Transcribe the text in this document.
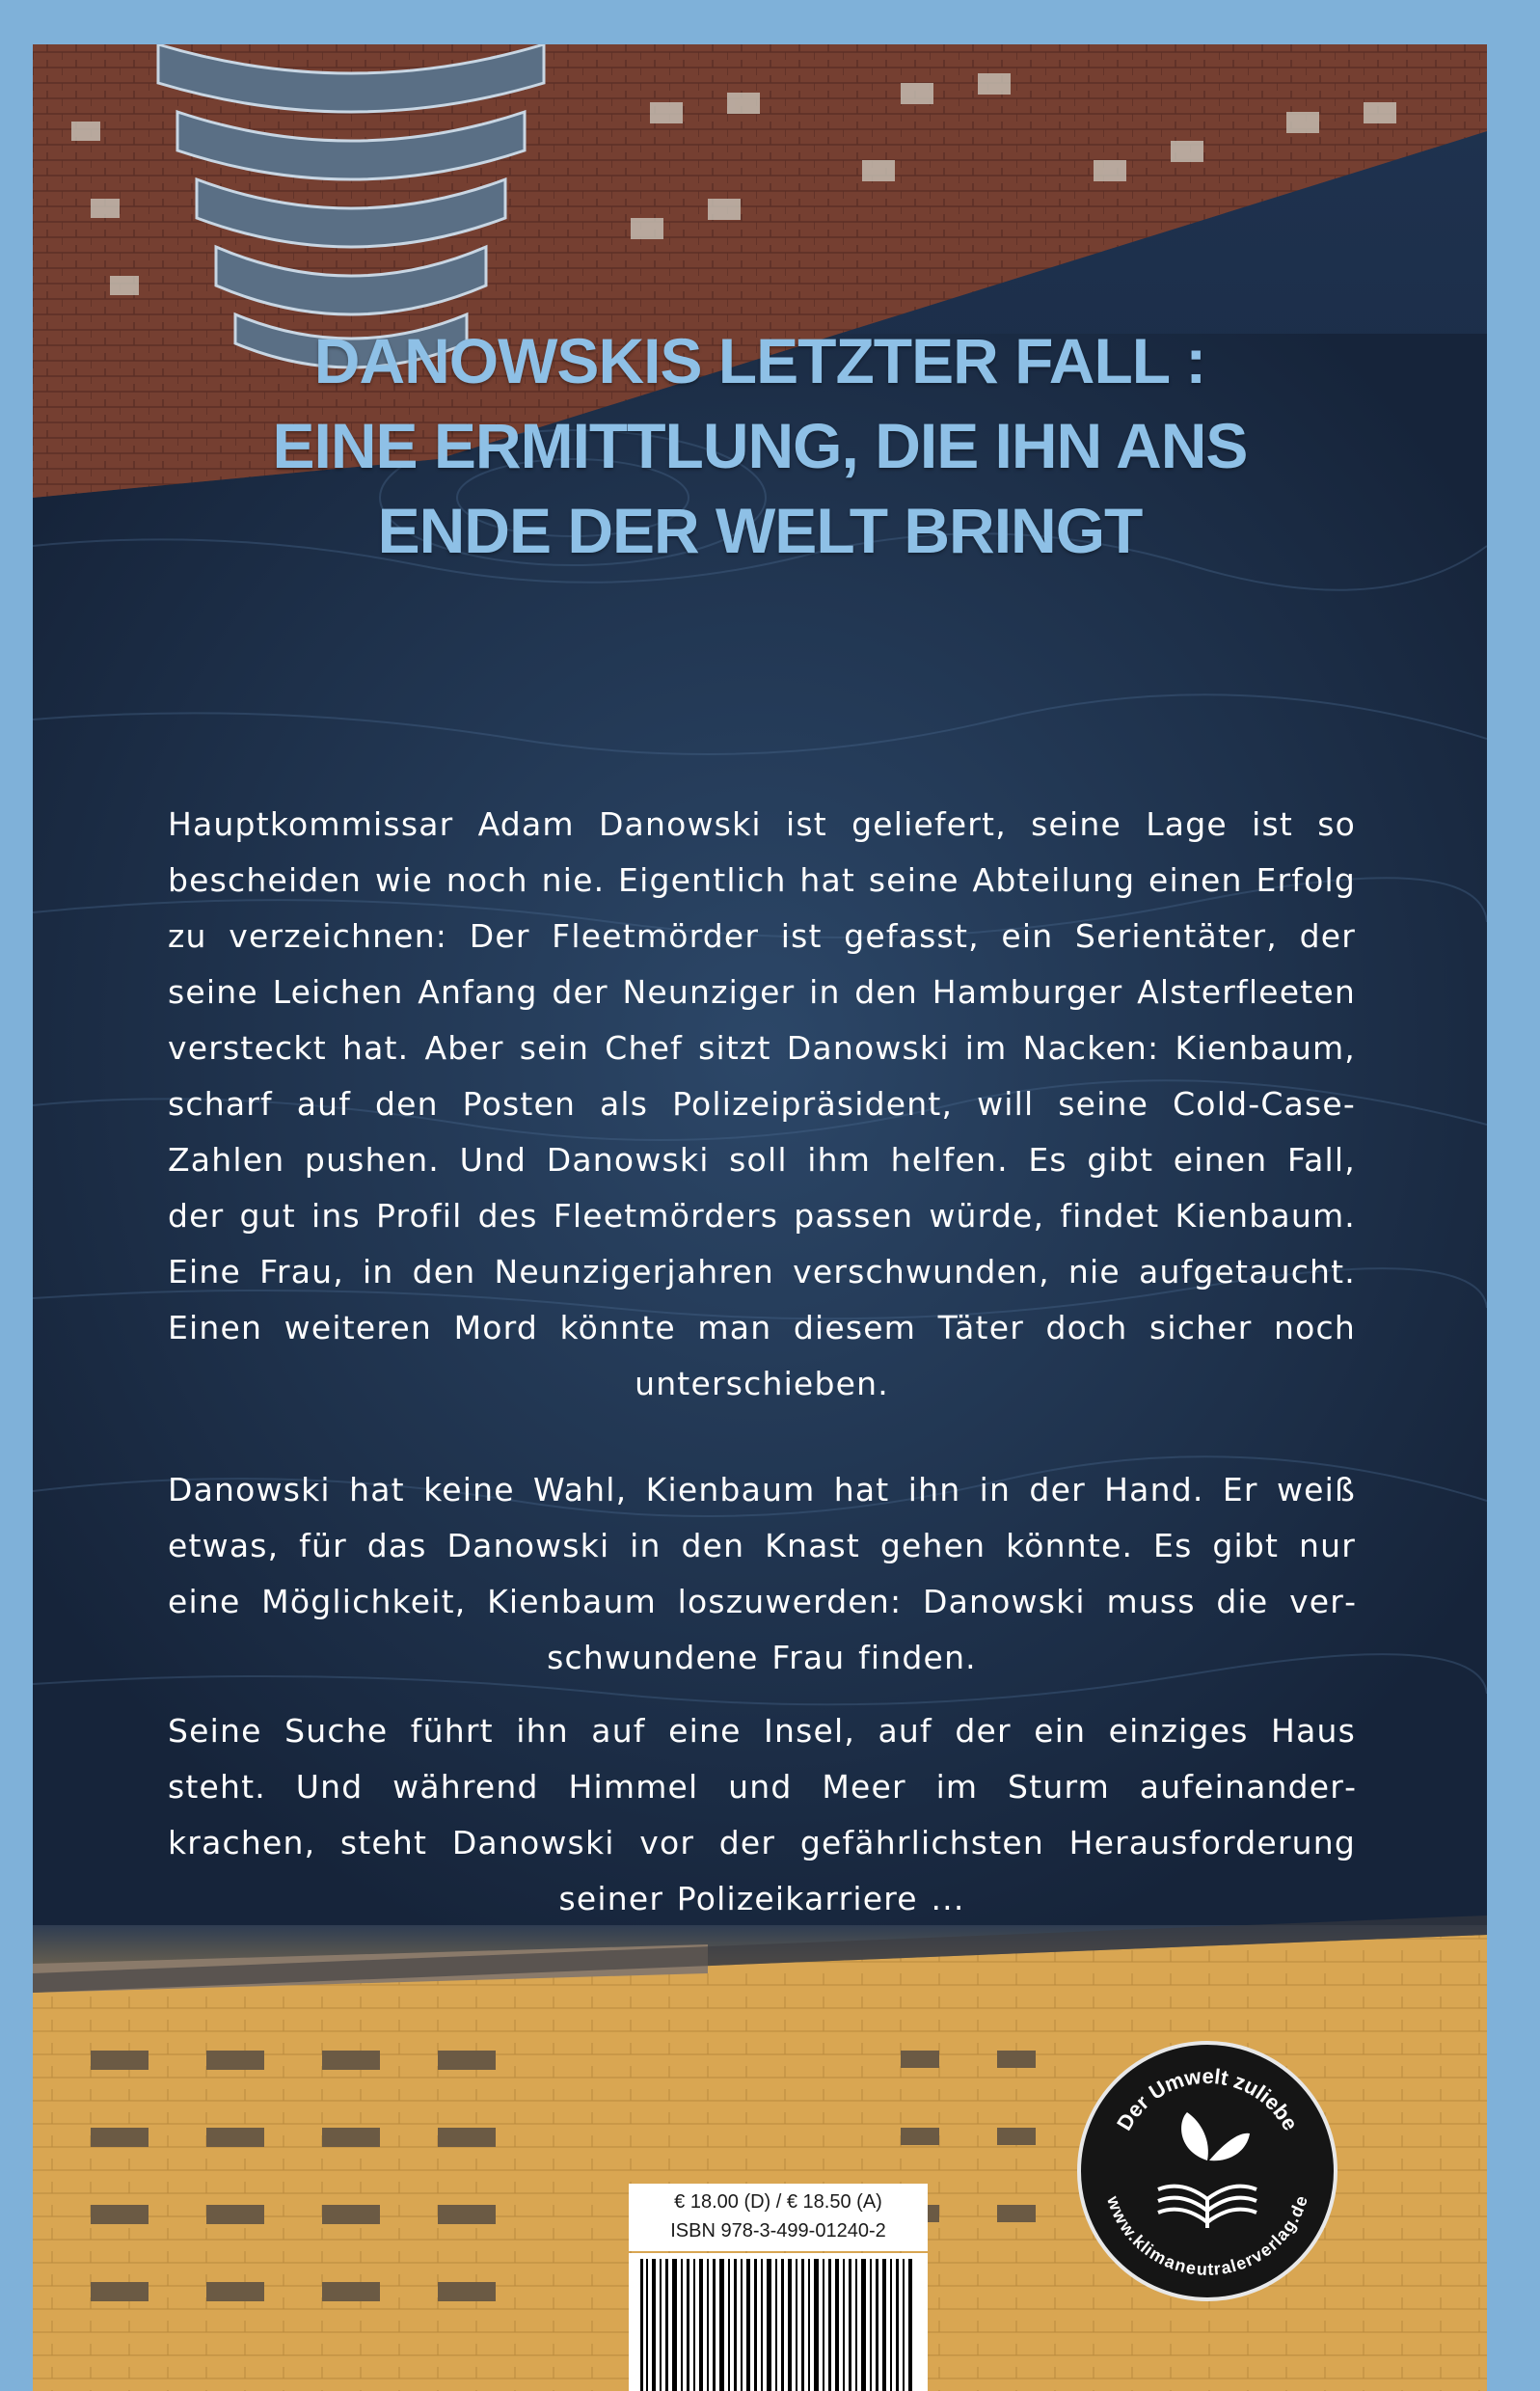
DANOWSKIS LETZTER FALL :
EINE ERMITTLUNG, DIE IHN ANS
ENDE DER WELT BRINGT
Hauptkommissar Adam Danowski ist geliefert, seine Lage ist so bescheiden wie noch nie. Eigentlich hat seine Abteilung einen Erfolg zu verzeichnen: Der Fleetmörder ist gefasst, ein Serientäter, der seine Leichen Anfang der Neunziger in den Hamburger Alsterfleeten versteckt hat. Aber sein Chef sitzt Danowski im Nacken: Kienbaum, scharf auf den Posten als Polizeipräsident, will seine Cold-Case-Zahlen pushen. Und Danowski soll ihm helfen. Es gibt einen Fall, der gut ins Profil des Fleetmörders passen würde, findet Kienbaum. Eine Frau, in den Neunzigerjahren verschwunden, nie aufgetaucht. Einen weiteren Mord könnte man diesem Täter doch sicher noch unterschieben.
Danowski hat keine Wahl, Kienbaum hat ihn in der Hand. Er weiß etwas, für das Danowski in den Knast gehen könnte. Es gibt nur eine Möglichkeit, Kienbaum loszuwerden: Danowski muss die verschwundene Frau finden.
Seine Suche führt ihn auf eine Insel, auf der ein einziges Haus steht. Und während Himmel und Meer im Sturm aufeinanderkrachen, steht Danowski vor der gefährlichsten Herausforderung seiner Polizeikarriere ...
€ 18.00 (D) / € 18.50 (A)
ISBN 978-3-499-01240-2
Der Umwelt zuliebe
www.klimaneutralerverlag.de
